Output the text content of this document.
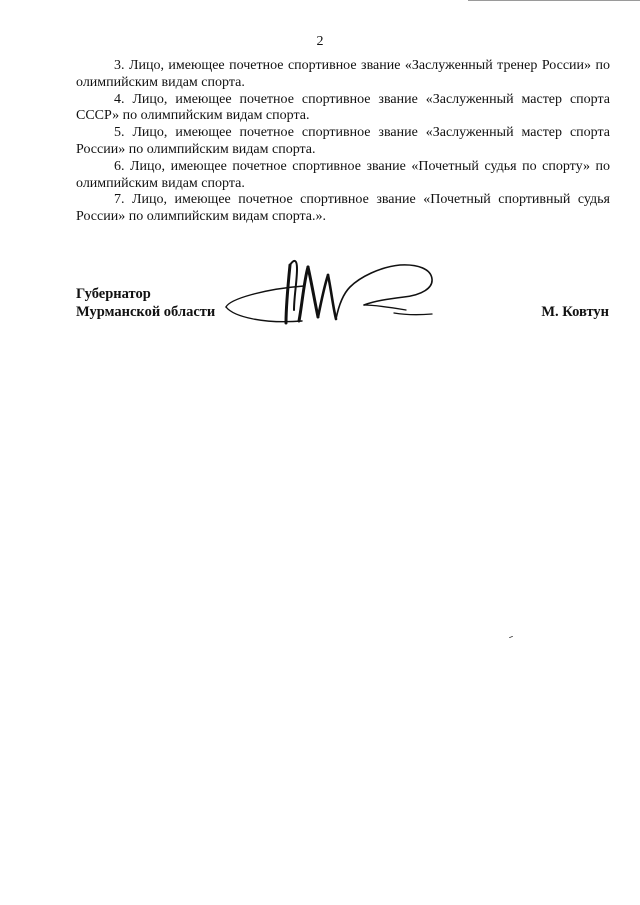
2

3. Лицо, имеющее почетное спортивное звание «Заслуженный тренер России» по олимпийским видам спорта.

4. Лицо, имеющее почетное спортивное звание «Заслуженный мастер спорта СССР» по олимпийским видам спорта.

5. Лицо, имеющее почетное спортивное звание «Заслуженный мастер спорта России» по олимпийским видам спорта.

6. Лицо, имеющее почетное спортивное звание «Почетный судья по спорту» по олимпийским видам спорта.

7. Лицо, имеющее почетное спортивное звание «Почетный спортивный судья России» по олимпийским видам спорта.».

Губернатор
Мурманской области	М. Ковтун
